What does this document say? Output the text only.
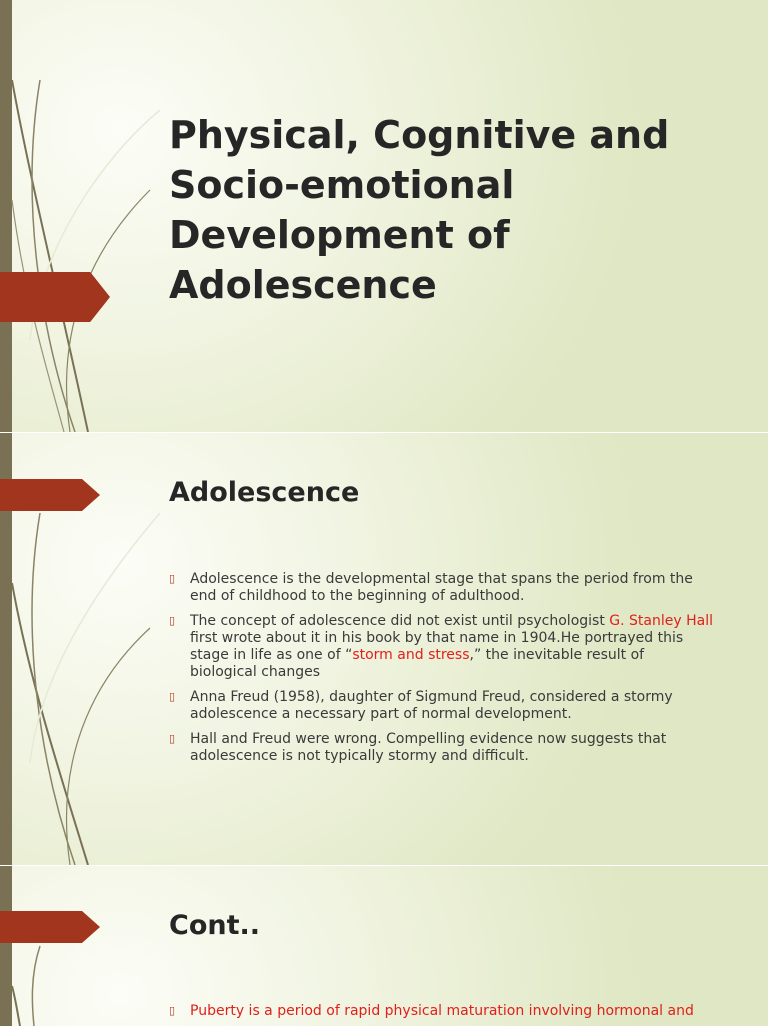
Physical, Cognitive and Socio-emotional Development of Adolescence
Adolescence
▯ Adolescence is the developmental stage that spans the period from the end of childhood to the beginning of adulthood.
▯ The concept of adolescence did not exist until psychologist G. Stanley Hall first wrote about it in his book by that name in 1904.He portrayed this stage in life as one of “storm and stress,” the inevitable result of biological changes
▯ Anna Freud (1958), daughter of Sigmund Freud, considered a stormy adolescence a necessary part of normal development.
▯ Hall and Freud were wrong. Compelling evidence now suggests that adolescence is not typically stormy and difficult.
Cont..
▯ Puberty is a period of rapid physical maturation involving hormonal and
